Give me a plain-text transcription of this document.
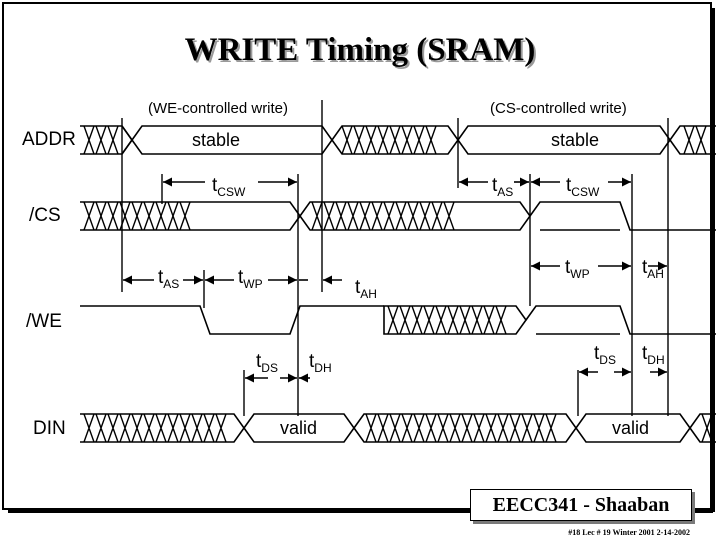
WRITE Timing (SRAM)
(WE-controlled write)	(CS-controlled write)
ADDR
/CS
/WE
DIN
stable	stable
valid	valid
$t_{CSW}$	$t_{AS}$	$t_{CSW}$
$t_{AS}$	$t_{WP}$	$t_{AH}$
$t_{WP}$	$t_{AH}$
$t_{DS}$ $t_{DH}$
$t_{DS}$ $t_{DH}$
EECC341 - Shaaban
#18 Lec # 19 Winter 2001 2-14-2002
